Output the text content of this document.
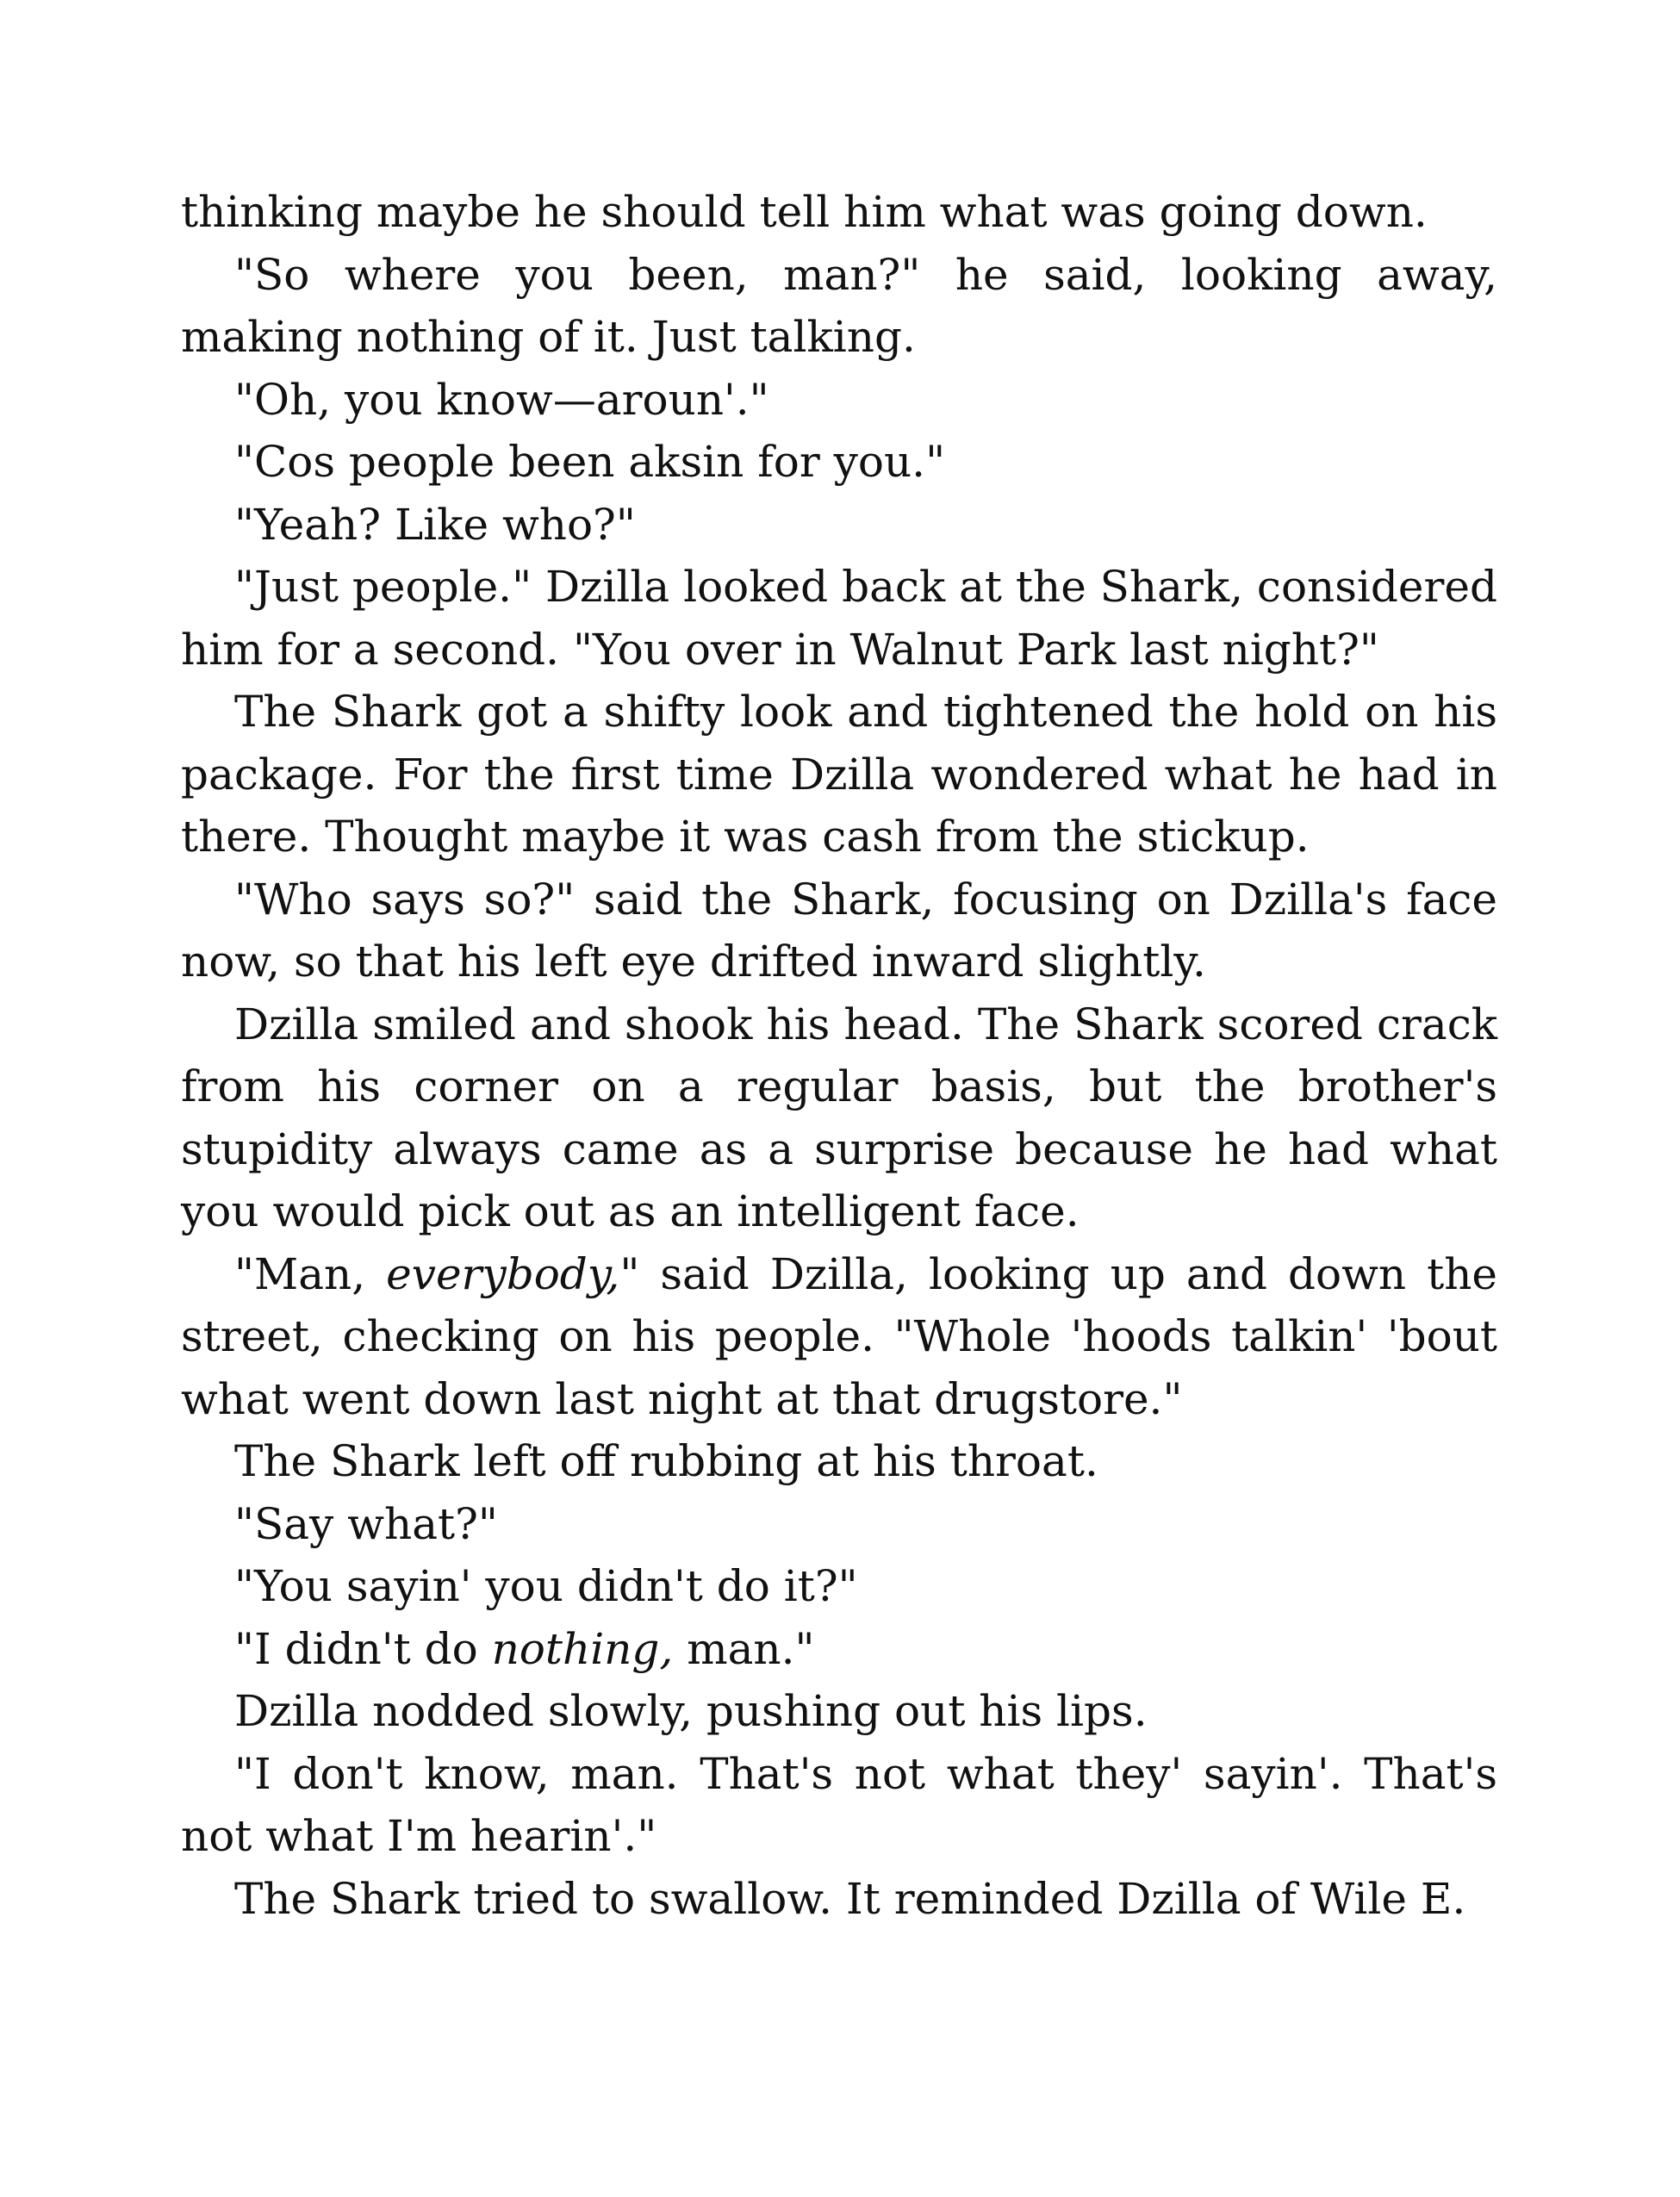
thinking maybe he should tell him what was going down.

"So where you been, man?" he said, looking away, making nothing of it. Just talking.

"Oh, you know—aroun'."

"Cos people been aksin for you."

"Yeah? Like who?"

"Just people." Dzilla looked back at the Shark, considered him for a second. "You over in Walnut Park last night?"

The Shark got a shifty look and tightened the hold on his package. For the first time Dzilla wondered what he had in there. Thought maybe it was cash from the stickup.

"Who says so?" said the Shark, focusing on Dzilla's face now, so that his left eye drifted inward slightly.

Dzilla smiled and shook his head. The Shark scored crack from his corner on a regular basis, but the brother's stupidity always came as a surprise because he had what you would pick out as an intelligent face.

"Man, everybody," said Dzilla, looking up and down the street, checking on his people. "Whole 'hoods talkin' 'bout what went down last night at that drugstore."

The Shark left off rubbing at his throat.

"Say what?"

"You sayin' you didn't do it?"

"I didn't do nothing, man."

Dzilla nodded slowly, pushing out his lips.

"I don't know, man. That's not what they' sayin'. That's not what I'm hearin'."

The Shark tried to swallow. It reminded Dzilla of Wile E.
